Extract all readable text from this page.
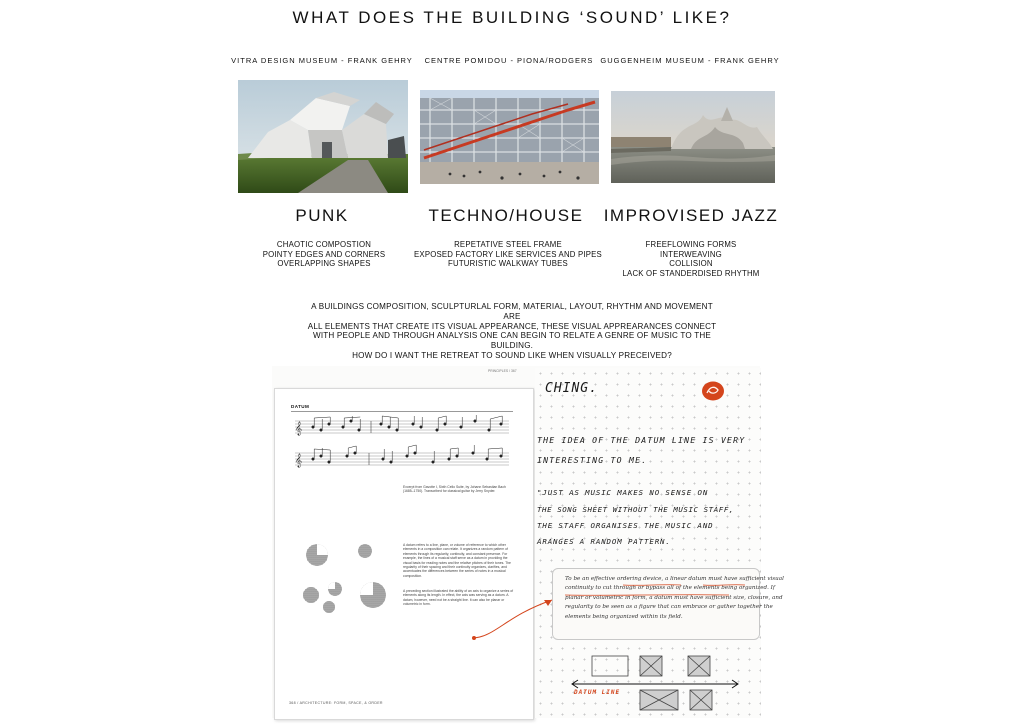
WHAT DOES THE BUILDING ‘SOUND’ LIKE?
VITRA DESIGN MUSEUM - FRANK GEHRY	CENTRE POMIDOU - PIONA/RODGERS GUGGENHEIM MUSEUM - FRANK GEHRY
PUNK	TECHNO/HOUSE	IMPROVISED JAZZ
CHAOTIC COMPOSTION
POINTY EDGES AND CORNERS
OVERLAPPING SHAPES
REPETATIVE STEEL FRAME
EXPOSED FACTORY LIKE SERVICES AND PIPES
FUTURISTIC WALKWAY TUBES
FREEFLOWING FORMS
INTERWEAVING
COLLISION
LACK OF STANDERDISED RHYTHM

A BUILDINGS COMPOSITION, SCULPTURLAL FORM, MATERIAL, LAYOUT, RHYTHM AND MOVEMENT ARE

ALL ELEMENTS THAT CREATE ITS VISUAL APPEARANCE, THESE VISUAL APPREARANCES CONNECT

WITH PEOPLE AND THROUGH ANALYSIS ONE CAN BEGIN TO RELATE A GENRE OF MUSIC TO THE

BUILDING.

HOW DO I WANT THE RETREAT TO SOUND LIKE WHEN VISUALLY PRECEIVED?

DATUM
𝄞
𝄞
Excerpt from Gavotte I, Sixth Cello Suite, by Johann Sebastian Bach (1685–1750). Transcribed for classical guitar by Jerry Snyder.
A datum refers to a line, plane, or volume of reference to which other elements in a composition can relate. It organizes a random pattern of elements through its regularity, continuity, and constant presence. For example, the lines of a musical staff serve as a datum in providing the visual basis for reading notes and the relative pitches of their tones. The regularity of their spacing and their continuity organizes, clarifies, and accentuates the differences between the series of notes in a musical composition.
A preceding section illustrated the ability of an axis to organize a series of elements along its length. In effect, the axis was serving as a datum. A datum, however, need not be a straight line. It can also be planar or volumetric in form.
368 / ARCHITECTURE: FORM, SPACE, & ORDER
PRINCIPLES / 367
CHING.
THE IDEA OF THE DATUM LINE IS VERY
INTERESTING TO ME.
"JUST AS MUSIC MAKES NO SENSE ON
THE SONG SHEET WITHOUT THE MUSIC STAFF,
THE STAFF ORGANISES THE MUSIC AND
ARANGES A RANDOM PATTERN.
To be an effective ordering device, a linear datum must have sufficient visual
continuity to cut through or bypass all of the elements being organized. If
planar or volumetric in form, a datum must have sufficient size, closure, and
regularity to be seen as a figure that can embrace or gather together the
elements being organized within its field.
DATUM LINE
